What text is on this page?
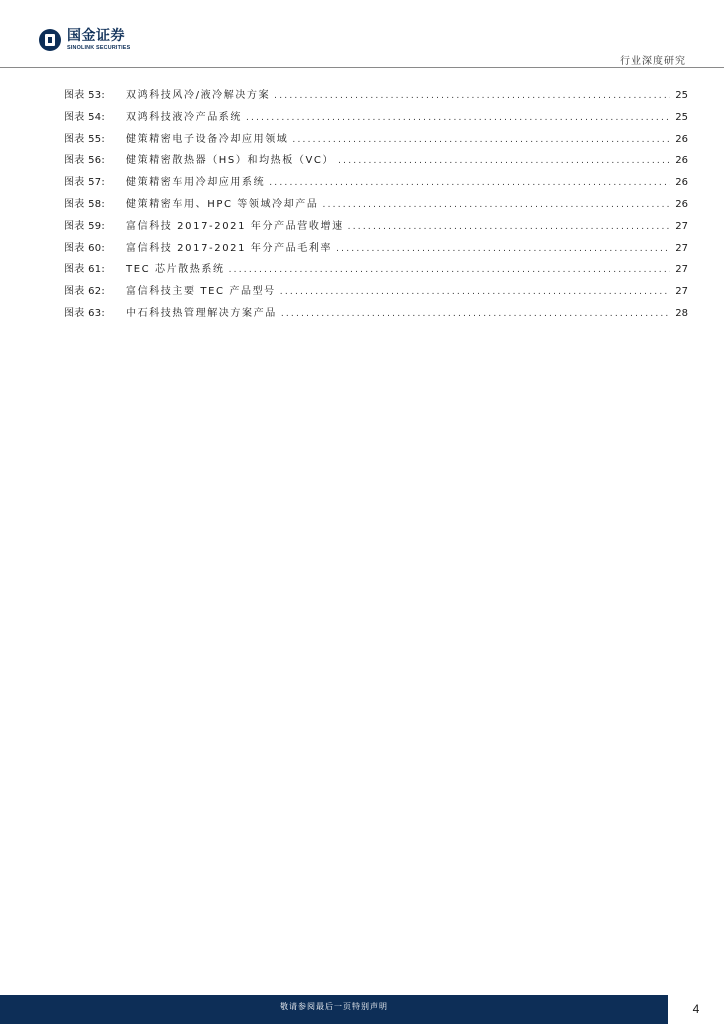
国金证券
SINOLINK SECURITIES
行业深度研究
图表 53:	双鸿科技风冷/液冷解决方案 .....	25
图表 54:	双鸿科技液冷产品系统 .....	25
图表 55:	健策精密电子设备冷却应用领域 .....	26
图表 56:	健策精密散热器（HS）和均热板（VC） .....	26
图表 57:	健策精密车用冷却应用系统 .....	26
图表 58:	健策精密车用、HPC 等领域冷却产品 .....	26
图表 59:	富信科技 2017-2021 年分产品营收增速 .....	27
图表 60:	富信科技 2017-2021 年分产品毛利率 .....	27
图表 61:	TEC 芯片散热系统 .....	27
图表 62:	富信科技主要 TEC 产品型号 .....	27
图表 63:	中石科技热管理解决方案产品 .....	28
敬请参阅最后一页特别声明	4
